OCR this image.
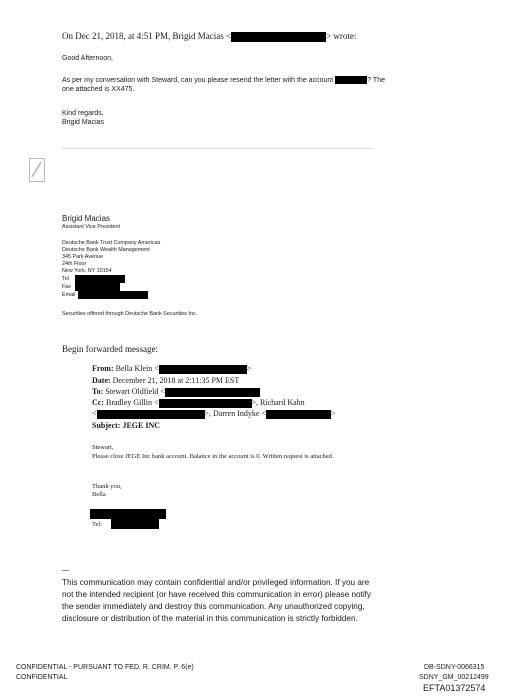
On Dec 21, 2018, at 4:51 PM, Brigid Macias <	> wrote:
Good Afternoon,
As per my conversation with Steward, can you please resend the letter with the account	? The
one attached is XX475.
Kind regards,
Brigid Macias
Brigid Macias
Assistant Vice President
Deutsche Bank Trust Company Americas
Deutsche Bank Wealth Management
345 Park Avenue
24th Floor
New York, NY 10154
Tel
Fax
Email
Securities offered through Deutsche Bank Securities Inc.
Begin forwarded message:
From: Bella Klein <	>
Date: December 21, 2018 at 2:11:35 PM EST
To: Stewart Oldfield <
Cc: Bradley Gillin <	>, Richard Kahn
<	>, Darren Indyke <	>
Subject: JEGE INC
Stewart,
Please close JEGE Inc bank account. Balance in the account is 0. Written request is attached.
Thank you,
Bella
Tel:
—
This communication may contain confidential and/or privileged information. If you are
not the intended recipient (or have received this communication in error) please notify
the sender immediately and destroy this communication. Any unauthorized copying,
disclosure or distribution of the material in this communication is strictly forbidden.
CONFIDENTIAL - PURSUANT TO FED. R. CRIM. P. 6(e)
CONFIDENTIAL
DB-SDNY-0066315
SDNY_GM_00212499
EFTA01372574
